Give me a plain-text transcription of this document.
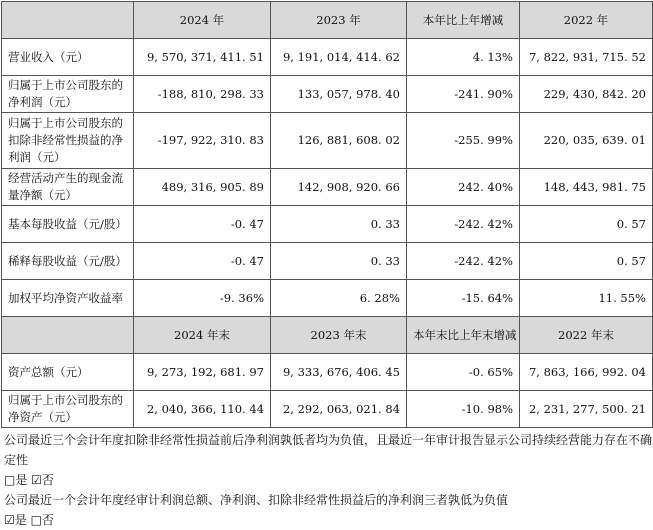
	2024 年	2023 年	本年比上年增减	2022 年
营业收入（元）	9, 570, 371, 411. 51	9, 191, 014, 414. 62	4. 13%	7, 822, 931, 715. 52
归属于上市公司股东的净利润（元）	-188, 810, 298. 33	133, 057, 978. 40	-241. 90%	229, 430, 842. 20
归属于上市公司股东的扣除非经常性损益的净利润（元）	-197, 922, 310. 83	126, 881, 608. 02	-255. 99%	220, 035, 639. 01
经营活动产生的现金流量净额（元）	489, 316, 905. 89	142, 908, 920. 66	242. 40%	148, 443, 981. 75
基本每股收益（元/股）	-0. 47	0. 33	-242. 42%	0. 57
稀释每股收益（元/股）	-0. 47	0. 33	-242. 42%	0. 57
加权平均净资产收益率	-9. 36%	6. 28%	-15. 64%	11. 55%
	2024 年末	2023 年末	本年末比上年末增减	2022 年末
资产总额（元）	9, 273, 192, 681. 97	9, 333, 676, 406. 45	-0. 65%	7, 863, 166, 992. 04
归属于上市公司股东的净资产（元）	2, 040, 366, 110. 44	2, 292, 063, 021. 84	-10. 98%	2, 231, 277, 500. 21

公司最近三个会计年度扣除非经常性损益前后净利润孰低者均为负值，且最近一年审计报告显示公司持续经营能力存在不确定性

□是 ☑否

公司最近一个会计年度经审计利润总额、净利润、扣除非经常性损益后的净利润三者孰低为负值

☑是 □否
